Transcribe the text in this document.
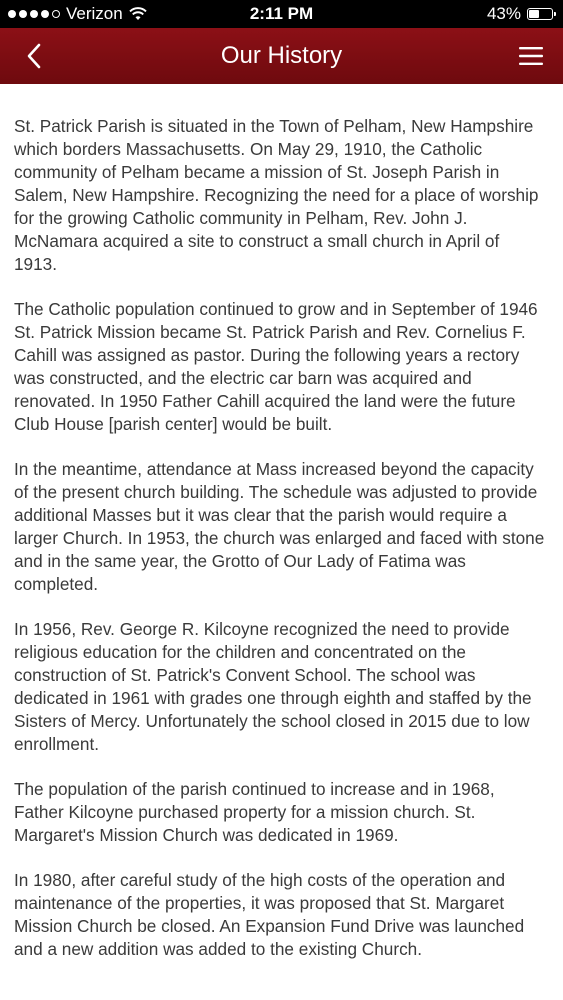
Verizon	2:11 PM	43%
Our History

St. Patrick Parish is situated in the Town of Pelham, New Hampshire which borders Massachusetts. On May 29, 1910, the Catholic community of Pelham became a mission of St. Joseph Parish in Salem, New Hampshire. Recognizing the need for a place of worship for the growing Catholic community in Pelham, Rev. John J. McNamara acquired a site to construct a small church in April of 1913.

The Catholic population continued to grow and in September of 1946 St. Patrick Mission became St. Patrick Parish and Rev. Cornelius F. Cahill was assigned as pastor. During the following years a rectory was constructed, and the electric car barn was acquired and renovated. In 1950 Father Cahill acquired the land were the future Club House [parish center] would be built.

In the meantime, attendance at Mass increased beyond the capacity of the present church building. The schedule was adjusted to provide additional Masses but it was clear that the parish would require a larger Church. In 1953, the church was enlarged and faced with stone and in the same year, the Grotto of Our Lady of Fatima was completed.

In 1956, Rev. George R. Kilcoyne recognized the need to provide religious education for the children and concentrated on the construction of St. Patrick's Convent School. The school was dedicated in 1961 with grades one through eighth and staffed by the Sisters of Mercy. Unfortunately the school closed in 2015 due to low enrollment.

The population of the parish continued to increase and in 1968, Father Kilcoyne purchased property for a mission church. St. Margaret's Mission Church was dedicated in 1969.

In 1980, after careful study of the high costs of the operation and maintenance of the properties, it was proposed that St. Margaret Mission Church be closed. An Expansion Fund Drive was launched and a new addition was added to the existing Church.
